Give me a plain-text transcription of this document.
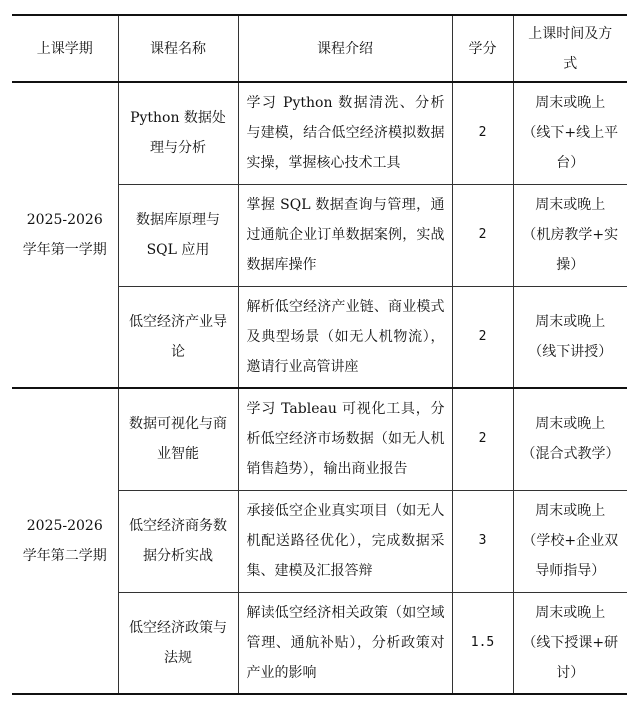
上课学期	课程名称	课程介绍	学分	上课时间及方式
2025-2026学年第一学期	Python 数据处理与分析	学习 Python 数据清洗、分析与建模，结合低空经济模拟数据实操，掌握核心技术工具	2	周末或晚上（线下+线上平台）
	数据库原理与 SQL 应用	掌握 SQL 数据查询与管理，通过通航企业订单数据案例，实战数据库操作	2	周末或晚上（机房教学+实操）
	低空经济产业导论	解析低空经济产业链、商业模式及典型场景（如无人机物流），邀请行业高管讲座	2	周末或晚上（线下讲授）
2025-2026学年第二学期	数据可视化与商业智能	学习 Tableau 可视化工具，分析低空经济市场数据（如无人机销售趋势），输出商业报告	2	周末或晚上（混合式教学）
	低空经济商务数据分析实战	承接低空企业真实项目（如无人机配送路径优化），完成数据采集、建模及汇报答辩	3	周末或晚上（学校+企业双导师指导）
	低空经济政策与法规	解读低空经济相关政策（如空域管理、通航补贴），分析政策对产业的影响	1.5	周末或晚上（线下授课+研讨）
